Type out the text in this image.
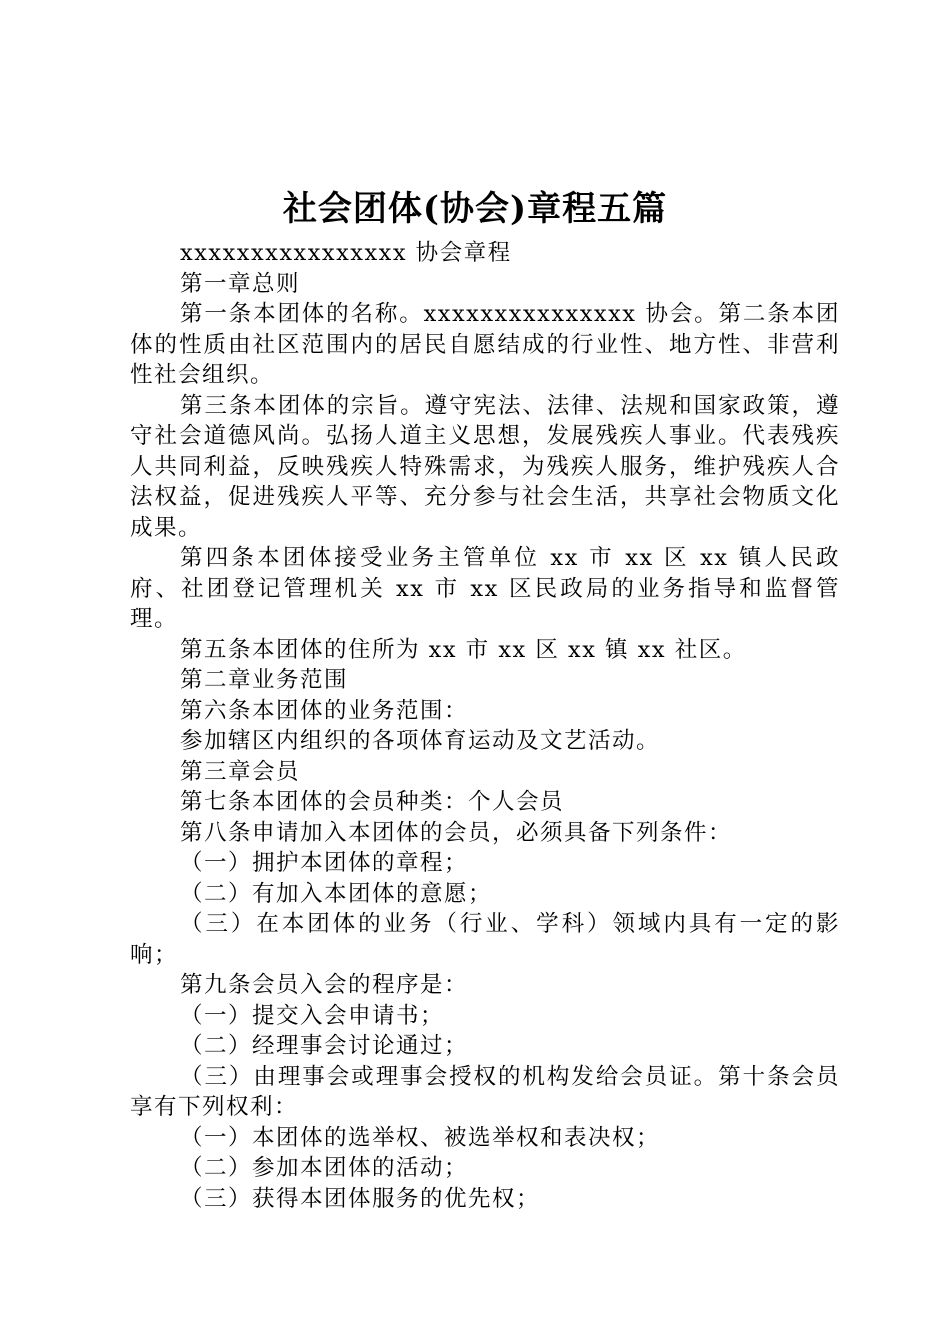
社会团体(协会)章程五篇

xxxxxxxxxxxxxxxx 协会章程

第一章总则

第一条本团体的名称。xxxxxxxxxxxxxxx 协会。第二条本团体的性质由社区范围内的居民自愿结成的行业性、地方性、非营利性社会组织。

第三条本团体的宗旨。遵守宪法、法律、法规和国家政策，遵守社会道德风尚。弘扬人道主义思想，发展残疾人事业。代表残疾人共同利益，反映残疾人特殊需求，为残疾人服务，维护残疾人合法权益，促进残疾人平等、充分参与社会生活，共享社会物质文化成果。

第四条本团体接受业务主管单位 xx 市 xx 区 xx 镇人民政府、社团登记管理机关 xx 市 xx 区民政局的业务指导和监督管理。

第五条本团体的住所为 xx 市 xx 区 xx 镇 xx 社区。

第二章业务范围

第六条本团体的业务范围：

参加辖区内组织的各项体育运动及文艺活动。

第三章会员

第七条本团体的会员种类：个人会员

第八条申请加入本团体的会员，必须具备下列条件：

（一）拥护本团体的章程；

（二）有加入本团体的意愿；

（三）在本团体的业务（行业、学科）领域内具有一定的影响；

第九条会员入会的程序是：

（一）提交入会申请书；

（二）经理事会讨论通过；

（三）由理事会或理事会授权的机构发给会员证。第十条会员享有下列权利：

（一）本团体的选举权、被选举权和表决权；

（二）参加本团体的活动；

（三）获得本团体服务的优先权；
